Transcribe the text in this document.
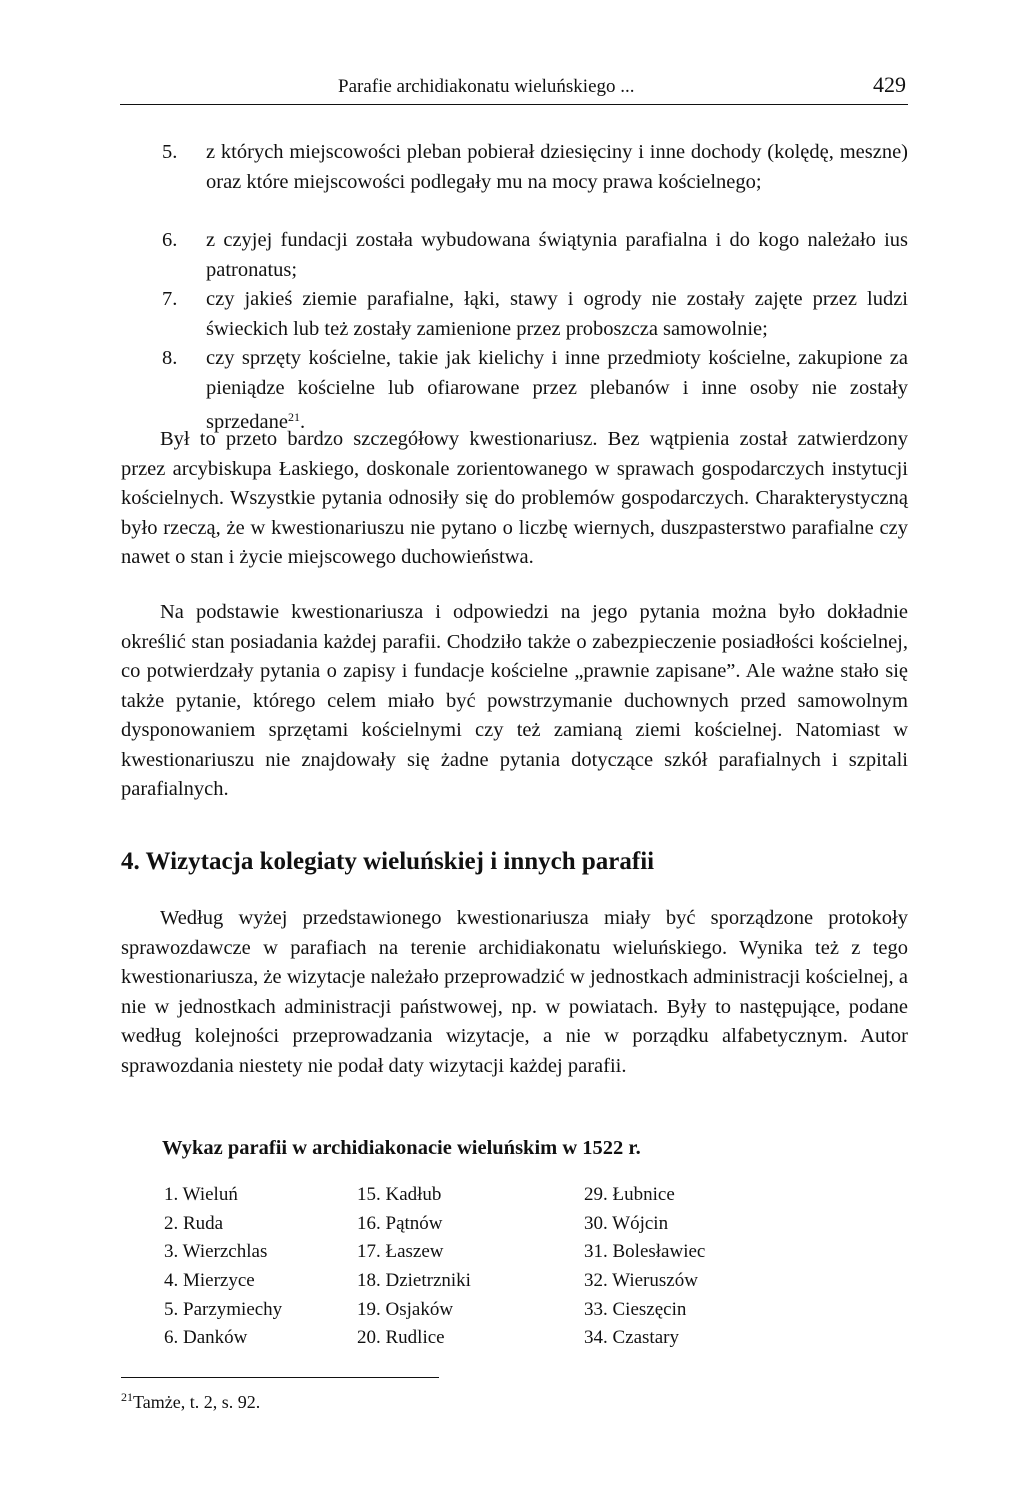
Parafie archidiakonatu wieluńskiego ...	429
5. z których miejscowości pleban pobierał dziesięciny i inne dochody (kolędę, meszne) oraz które miejscowości podlegały mu na mocy prawa kościelnego;
6. z czyjej fundacji została wybudowana świątynia parafialna i do kogo należało ius patronatus;
7. czy jakieś ziemie parafialne, łąki, stawy i ogrody nie zostały zajęte przez ludzi świeckich lub też zostały zamienione przez proboszcza samowolnie;
8. czy sprzęty kościelne, takie jak kielichy i inne przedmioty kościelne, zakupione za pieniądze kościelne lub ofiarowane przez plebanów i inne osoby nie zostały sprzedane$^{21}$.

Był to przeto bardzo szczegółowy kwestionariusz. Bez wątpienia został zatwierdzony przez arcybiskupa Łaskiego, doskonale zorientowanego w sprawach gospodarczych instytucji kościelnych. Wszystkie pytania odnosiły się do problemów gospodarczych. Charakterystyczną było rzeczą, że w kwestionariuszu nie pytano o liczbę wiernych, duszpasterstwo parafialne czy nawet o stan i życie miejscowego duchowieństwa.

Na podstawie kwestionariusza i odpowiedzi na jego pytania można było dokładnie określić stan posiadania każdej parafii. Chodziło także o zabezpieczenie posiadłości kościelnej, co potwierdzały pytania o zapisy i fundacje kościelne „prawnie zapisane”. Ale ważne stało się także pytanie, którego celem miało być powstrzymanie duchownych przed samowolnym dysponowaniem sprzętami kościelnymi czy też zamianą ziemi kościelnej. Natomiast w kwestionariuszu nie znajdowały się żadne pytania dotyczące szkół parafialnych i szpitali parafialnych.

4. Wizytacja kolegiaty wieluńskiej i innych parafii

Według wyżej przedstawionego kwestionariusza miały być sporządzone protokoły sprawozdawcze w parafiach na terenie archidiakonatu wieluńskiego. Wynika też z tego kwestionariusza, że wizytacje należało przeprowadzić w jednostkach administracji kościelnej, a nie w jednostkach administracji państwowej, np. w powiatach. Były to następujące, podane według kolejności przeprowadzania wizytacje, a nie w porządku alfabetycznym. Autor sprawozdania niestety nie podał daty wizytacji każdej parafii.

Wykaz parafii w archidiakonacie wieluńskim w 1522 r.
1. Wieluń
2. Ruda
3. Wierzchlas
4. Mierzyce
5. Parzymiechy
6. Danków
15. Kadłub
16. Pątnów
17. Łaszew
18. Dzietrzniki
19. Osjaków
20. Rudlice
29. Łubnice
30. Wójcin
31. Bolesławiec
32. Wieruszów
33. Cieszęcin
34. Czastary
$^{21}$Tamże, t. 2, s. 92.
